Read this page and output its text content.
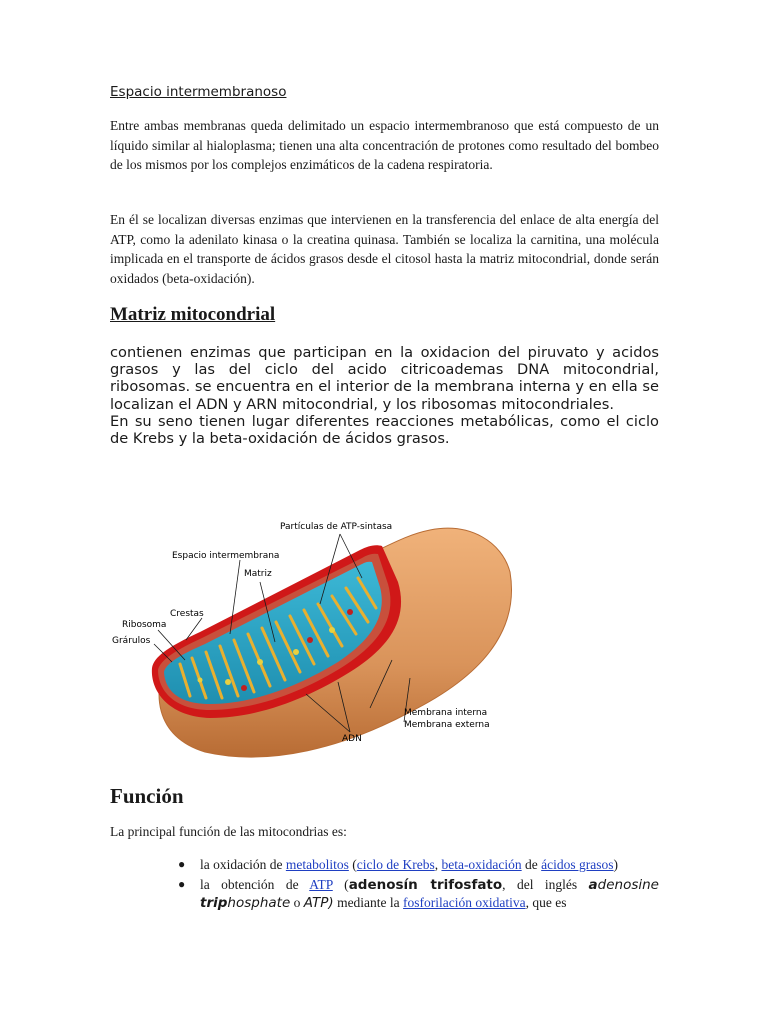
Espacio intermembranoso
Entre ambas membranas queda delimitado un espacio intermembranoso que está compuesto de un líquido similar al hialoplasma; tienen una alta concentración de protones como resultado del bombeo de los mismos por los complejos enzimáticos de la cadena respiratoria.
En él se localizan diversas enzimas que intervienen en la transferencia del enlace de alta energía del ATP, como la adenilato kinasa o la creatina quinasa. También se localiza la carnitina, una molécula implicada en el transporte de ácidos grasos desde el citosol hasta la matriz mitocondrial, donde serán oxidados (beta-oxidación).
Matriz mitocondrial

contienen enzimas que participan en la oxidacion del piruvato y acidos grasos y las del ciclo del acido citricoademas DNA mitocondrial, ribosomas. se encuentra en el interior de la membrana interna y en ella se localizan el ADN y ARN mitocondrial, y los ribosomas mitocondriales.

En su seno tienen lugar diferentes reacciones metabólicas, como el ciclo de Krebs y la beta-oxidación de ácidos grasos.

Partículas de ATP-sintasa
Espacio intermembrana
Matriz
Crestas
Ribosoma
Grárulos
Membrana interna
Membrana externa
ADN
Función
La principal función de las mitocondrias es:
● la oxidación de metabolitos (ciclo de Krebs, beta-oxidación de ácidos grasos)
● la obtención de ATP (adenosín trifosfato, del inglés adenosine triphosphate o ATP) mediante la fosforilación oxidativa, que es
